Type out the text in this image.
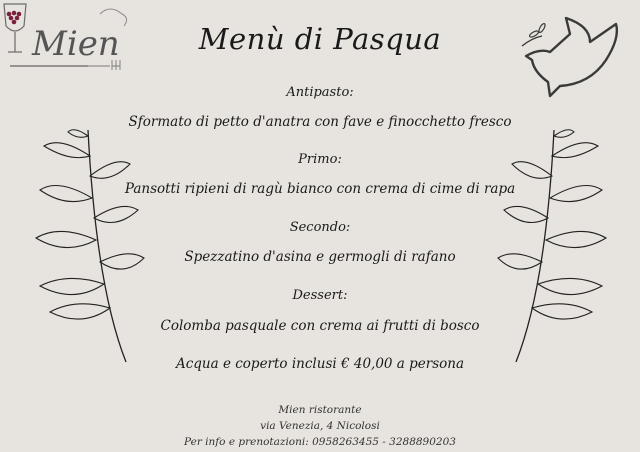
Mien	Menù di Pasqua
Antipasto:
Sformato di petto d'anatra con fave e finocchetto fresco
Primo:
Pansotti ripieni di ragù bianco con crema di cime di rapa
Secondo:
Spezzatino d'asina e germogli di rafano
Dessert:
Colomba pasquale con crema ai frutti di bosco
Acqua e coperto inclusi € 40,00 a persona
Mien ristorante
via Venezia, 4 Nicolosi
Per info e prenotazioni: 0958263455 - 3288890203
